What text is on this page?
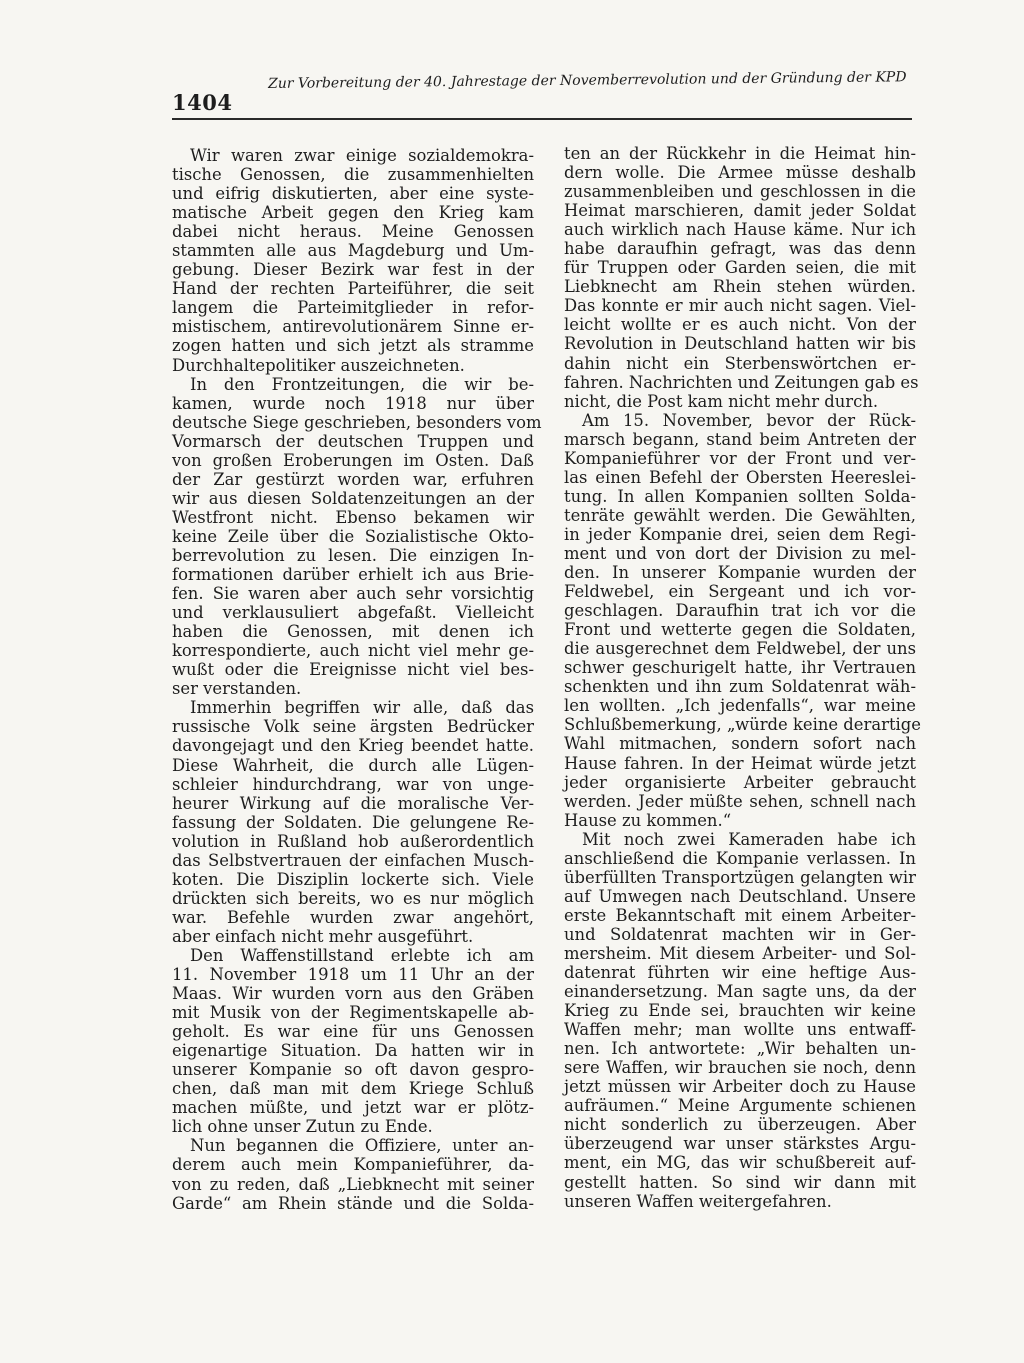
1404
Zur Vorbereitung der 40. Jahrestage der Novemberrevolution und der Gründung der KPD

Wir waren zwar einige sozialdemokra-
tische Genossen, die zusammenhielten
und eifrig diskutierten, aber eine syste-
matische Arbeit gegen den Krieg kam
dabei nicht heraus. Meine Genossen
stammten alle aus Magdeburg und Um-
gebung. Dieser Bezirk war fest in der
Hand der rechten Parteiführer, die seit
langem die Parteimitglieder in refor-
mistischem, antirevolutionärem Sinne er-
zogen hatten und sich jetzt als stramme
Durchhaltepolitiker auszeichneten.

In den Frontzeitungen, die wir be-
kamen, wurde noch 1918 nur über
deutsche Siege geschrieben, besonders vom
Vormarsch der deutschen Truppen und
von großen Eroberungen im Osten. Daß
der Zar gestürzt worden war, erfuhren
wir aus diesen Soldatenzeitungen an der
Westfront nicht. Ebenso bekamen wir
keine Zeile über die Sozialistische Okto-
berrevolution zu lesen. Die einzigen In-
formationen darüber erhielt ich aus Brie-
fen. Sie waren aber auch sehr vorsichtig
und verklausuliert abgefaßt. Vielleicht
haben die Genossen, mit denen ich
korrespondierte, auch nicht viel mehr ge-
wußt oder die Ereignisse nicht viel bes-
ser verstanden.

Immerhin begriffen wir alle, daß das
russische Volk seine ärgsten Bedrücker
davongejagt und den Krieg beendet hatte.
Diese Wahrheit, die durch alle Lügen-
schleier hindurchdrang, war von unge-
heurer Wirkung auf die moralische Ver-
fassung der Soldaten. Die gelungene Re-
volution in Rußland hob außerordentlich
das Selbstvertrauen der einfachen Musch-
koten. Die Disziplin lockerte sich. Viele
drückten sich bereits, wo es nur möglich
war. Befehle wurden zwar angehört,
aber einfach nicht mehr ausgeführt.

Den Waffenstillstand erlebte ich am
11. November 1918 um 11 Uhr an der
Maas. Wir wurden vorn aus den Gräben
mit Musik von der Regimentskapelle ab-
geholt. Es war eine für uns Genossen
eigenartige Situation. Da hatten wir in
unserer Kompanie so oft davon gespro-
chen, daß man mit dem Kriege Schluß
machen müßte, und jetzt war er plötz-
lich ohne unser Zutun zu Ende.

Nun begannen die Offiziere, unter an-
derem auch mein Kompanieführer, da-
von zu reden, daß „Liebknecht mit seiner
Garde“ am Rhein stände und die Solda-

ten an der Rückkehr in die Heimat hin-
dern wolle. Die Armee müsse deshalb
zusammenbleiben und geschlossen in die
Heimat marschieren, damit jeder Soldat
auch wirklich nach Hause käme. Nur ich
habe daraufhin gefragt, was das denn
für Truppen oder Garden seien, die mit
Liebknecht am Rhein stehen würden.
Das konnte er mir auch nicht sagen. Viel-
leicht wollte er es auch nicht. Von der
Revolution in Deutschland hatten wir bis
dahin nicht ein Sterbenswörtchen er-
fahren. Nachrichten und Zeitungen gab es
nicht, die Post kam nicht mehr durch.

Am 15. November, bevor der Rück-
marsch begann, stand beim Antreten der
Kompanieführer vor der Front und ver-
las einen Befehl der Obersten Heereslei-
tung. In allen Kompanien sollten Solda-
tenräte gewählt werden. Die Gewählten,
in jeder Kompanie drei, seien dem Regi-
ment und von dort der Division zu mel-
den. In unserer Kompanie wurden der
Feldwebel, ein Sergeant und ich vor-
geschlagen. Daraufhin trat ich vor die
Front und wetterte gegen die Soldaten,
die ausgerechnet dem Feldwebel, der uns
schwer geschurigelt hatte, ihr Vertrauen
schenkten und ihn zum Soldatenrat wäh-
len wollten. „Ich jedenfalls“, war meine
Schlußbemerkung, „würde keine derartige
Wahl mitmachen, sondern sofort nach
Hause fahren. In der Heimat würde jetzt
jeder organisierte Arbeiter gebraucht
werden. Jeder müßte sehen, schnell nach
Hause zu kommen.“

Mit noch zwei Kameraden habe ich
anschließend die Kompanie verlassen. In
überfüllten Transportzügen gelangten wir
auf Umwegen nach Deutschland. Unsere
erste Bekanntschaft mit einem Arbeiter-
und Soldatenrat machten wir in Ger-
mersheim. Mit diesem Arbeiter- und Sol-
datenrat führten wir eine heftige Aus-
einandersetzung. Man sagte uns, da der
Krieg zu Ende sei, brauchten wir keine
Waffen mehr; man wollte uns entwaff-
nen. Ich antwortete: „Wir behalten un-
sere Waffen, wir brauchen sie noch, denn
jetzt müssen wir Arbeiter doch zu Hause
aufräumen.“ Meine Argumente schienen
nicht sonderlich zu überzeugen. Aber
überzeugend war unser stärkstes Argu-
ment, ein MG, das wir schußbereit auf-
gestellt hatten. So sind wir dann mit
unseren Waffen weitergefahren.
